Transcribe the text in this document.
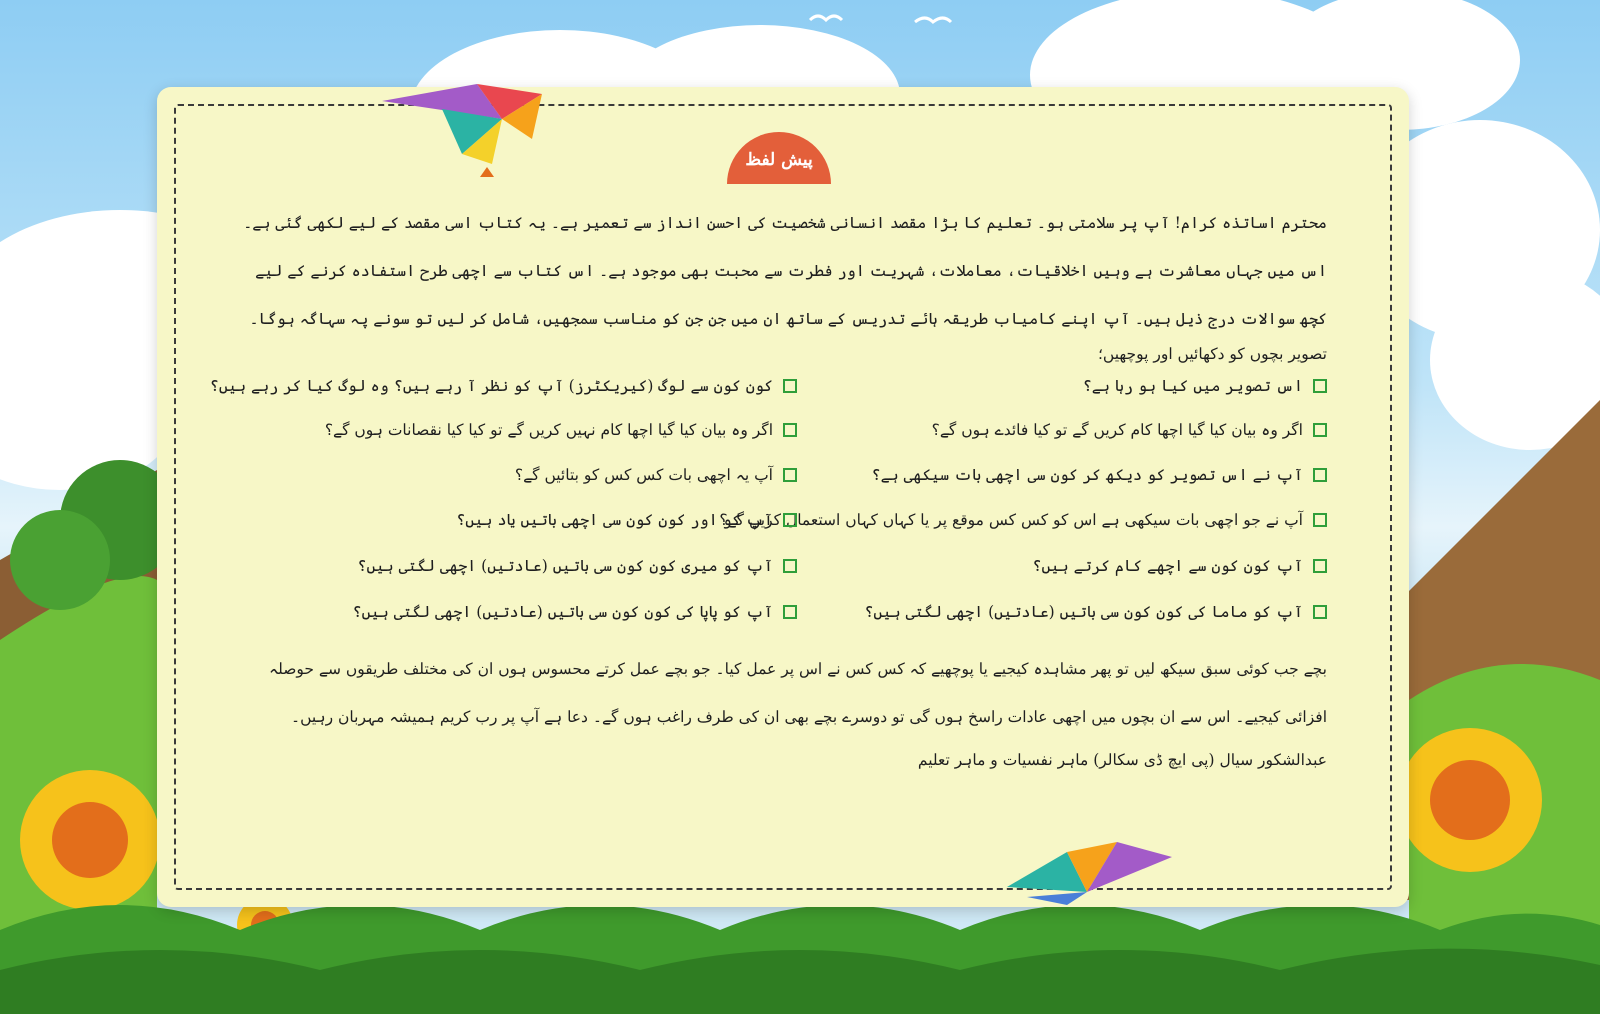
پیش لفظ
محترم اساتذہ کرام! آپ پر سلامتی ہو۔ تعلیم کا بڑا مقصد انسانی شخصیت کی احسن انداز سے تعمیر ہے۔ یہ کتاب اسی مقصد کے لیے لکھی گئی ہے۔ اس میں جہاں معاشرت ہے وہیں اخلاقیات، معاملات، شہریت اور فطرت سے محبت بھی موجود ہے۔ اس کتاب سے اچھی طرح استفادہ کرنے کے لیے کچھ سوالات درج ذیل ہیں۔ آپ اپنے کامیاب طریقہ ہائے تدریس کے ساتھ ان میں جن جن کو مناسب سمجھیں، شامل کر لیں تو سونے پہ سہاگہ ہوگا۔
تصویر بچوں کو دکھائیں اور پوچھیں؛
اس تصویر میں کیا ہو رہا ہے؟
اگر وہ بیان کیا گیا اچھا کام کریں گے تو کیا فائدے ہوں گے؟
آپ نے اس تصویر کو دیکھ کر کون سی اچھی بات سیکھی ہے؟
آپ نے جو اچھی بات سیکھی ہے اس کو کس کس موقع پر یا کہاں کہاں استعمال کریں گے؟
آپ کون کون سے اچھے کام کرتے ہیں؟
آپ کو ماما کی کون کون سی باتیں (عادتیں) اچھی لگتی ہیں؟
کون کون سے لوگ (کیریکٹرز) آپ کو نظر آ رہے ہیں؟ وہ لوگ کیا کر رہے ہیں؟
اگر وہ بیان کیا گیا اچھا کام نہیں کریں گے تو کیا کیا نقصانات ہوں گے؟
آپ یہ اچھی بات کس کس کو بتائیں گے؟
آپ کو اور کون کون سی اچھی باتیں یاد ہیں؟
آپ کو میری کون کون سی باتیں (عادتیں) اچھی لگتی ہیں؟
آپ کو پاپا کی کون کون سی باتیں (عادتیں) اچھی لگتی ہیں؟
بچے جب کوئی سبق سیکھ لیں تو پھر مشاہدہ کیجیے یا پوچھیے کہ کس کس نے اس پر عمل کیا۔ جو بچے عمل کرتے محسوس ہوں ان کی مختلف طریقوں سے حوصلہ افزائی کیجیے۔ اس سے ان بچوں میں اچھی عادات راسخ ہوں گی تو دوسرے بچے بھی ان کی طرف راغب ہوں گے۔ دعا ہے آپ پر رب کریم ہمیشہ مہربان رہیں۔
عبدالشکور سیال (پی ایچ ڈی سکالر) ماہر نفسیات و ماہر تعلیم
